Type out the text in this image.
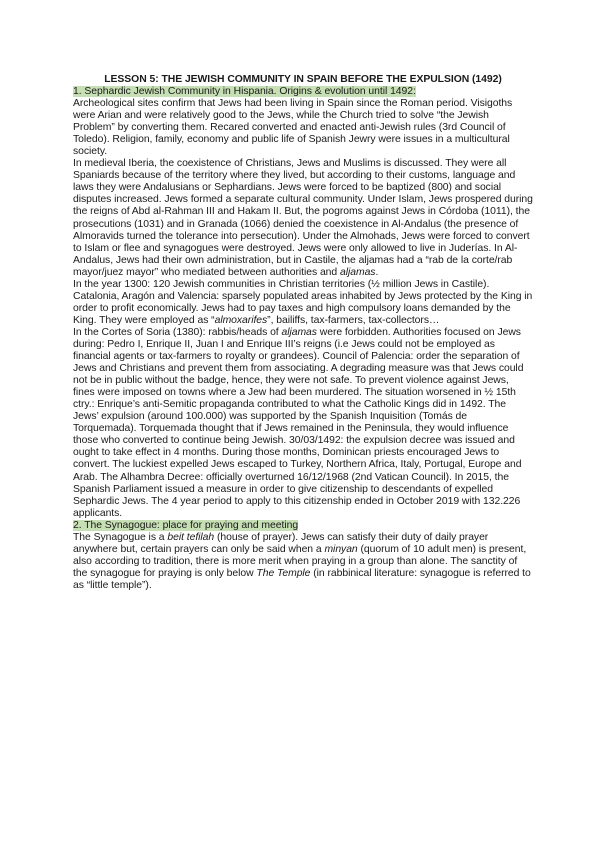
LESSON 5: THE JEWISH COMMUNITY IN SPAIN BEFORE THE EXPULSION (1492)
1. Sephardic Jewish Community in Hispania. Origins & evolution until 1492:

Archeological sites confirm that Jews had been living in Spain since the Roman period. Visigoths were Arian and were relatively good to the Jews, while the Church tried to solve “the Jewish Problem” by converting them. Recared converted and enacted anti-Jewish rules (3rd Council of Toledo). Religion, family, economy and public life of Spanish Jewry were issues in a multicultural society.

In medieval Iberia, the coexistence of Christians, Jews and Muslims is discussed. They were all Spaniards because of the territory where they lived, but according to their customs, language and laws they were Andalusians or Sephardians. Jews were forced to be baptized (800) and social disputes increased. Jews formed a separate cultural community. Under Islam, Jews prospered during the reigns of Abd al-Rahman III and Hakam II. But, the pogroms against Jews in Córdoba (1011), the prosecutions (1031) and in Granada (1066) denied the coexistence in Al-Andalus (the presence of Almoravids turned the tolerance into persecution). Under the Almohads, Jews were forced to convert to Islam or flee and synagogues were destroyed. Jews were only allowed to live in Juderías. In Al-Andalus, Jews had their own administration, but in Castile, the aljamas had a “rab de la corte/rab mayor/juez mayor” who mediated between authorities and aljamas.

In the year 1300: 120 Jewish communities in Christian territories (½ million Jews in Castile). Catalonia, Aragón and Valencia: sparsely populated areas inhabited by Jews protected by the King in order to profit economically. Jews had to pay taxes and high compulsory loans demanded by the King. They were employed as “almoxarifes”, bailiffs, tax-farmers, tax-collectors…

In the Cortes of Soria (1380): rabbis/heads of aljamas were forbidden. Authorities focused on Jews during: Pedro I, Enrique II, Juan I and Enrique III’s reigns (i.e Jews could not be employed as financial agents or tax-farmers to royalty or grandees). Council of Palencia: order the separation of Jews and Christians and prevent them from associating. A degrading measure was that Jews could not be in public without the badge, hence, they were not safe. To prevent violence against Jews, fines were imposed on towns where a Jew had been murdered. The situation worsened in ½ 15th ctry.: Enrique’s anti-Semitic propaganda contributed to what the Catholic Kings did in 1492. The Jews’ expulsion (around 100.000) was supported by the Spanish Inquisition (Tomás de Torquemada). Torquemada thought that if Jews remained in the Peninsula, they would influence those who converted to continue being Jewish. 30/03/1492: the expulsion decree was issued and ought to take effect in 4 months. During those months, Dominican priests encouraged Jews to convert. The luckiest expelled Jews escaped to Turkey, Northern Africa, Italy, Portugal, Europe and Arab. The Alhambra Decree: officially overturned 16/12/1968 (2nd Vatican Council). In 2015, the Spanish Parliament issued a measure in order to give citizenship to descendants of expelled Sephardic Jews. The 4 year period to apply to this citizenship ended in October 2019 with 132.226 applicants.

2. The Synagogue: place for praying and meeting

The Synagogue is a beit tefilah (house of prayer). Jews can satisfy their duty of daily prayer anywhere but, certain prayers can only be said when a minyan (quorum of 10 adult men) is present, also according to tradition, there is more merit when praying in a group than alone. The sanctity of the synagogue for praying is only below The Temple (in rabbinical literature: synagogue is referred to as “little temple”).
